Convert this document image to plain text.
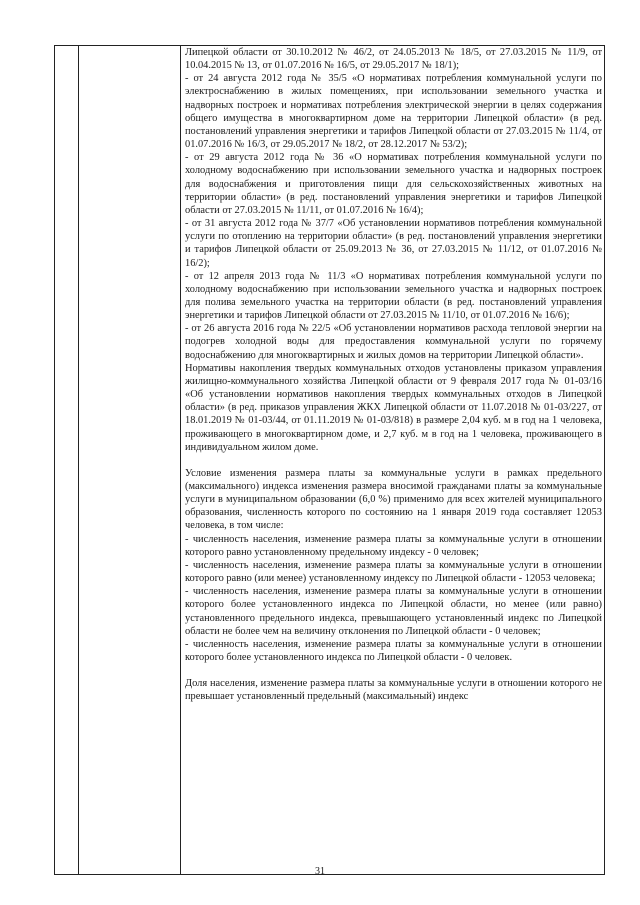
Липецкой области от 30.10.2012 № 46/2, от 24.05.2013 № 18/5, от 27.03.2015 № 11/9, от 10.04.2015 № 13, от 01.07.2016 № 16/5, от 29.05.2017 № 18/1);

- от 24 августа 2012 года № 35/5 «О нормативах потребления коммунальной услуги по электроснабжению в жилых помещениях, при использовании земельного участка и надворных построек и нормативах потребления электрической энергии в целях содержания общего имущества в многоквартирном доме на территории Липецкой области» (в ред. постановлений управления энергетики и тарифов Липецкой области от 27.03.2015 № 11/4, от 01.07.2016 № 16/3, от 29.05.2017 № 18/2, от 28.12.2017 № 53/2);

- от 29 августа 2012 года № 36 «О нормативах потребления коммунальной услуги по холодному водоснабжению при использовании земельного участка и надворных построек для водоснабжения и приготовления пищи для сельскохозяйственных животных на территории области» (в ред. постановлений управления энергетики и тарифов Липецкой области от 27.03.2015 № 11/11, от 01.07.2016 № 16/4);

- от 31 августа 2012 года № 37/7 «Об установлении нормативов потребления коммунальной услуги по отоплению на территории области» (в ред. постановлений управления энергетики и тарифов Липецкой области от 25.09.2013 № 36, от 27.03.2015 № 11/12, от 01.07.2016 № 16/2);

- от 12 апреля 2013 года № 11/3 «О нормативах потребления коммунальной услуги по холодному водоснабжению при использовании земельного участка и надворных построек для полива земельного участка на территории области (в ред. постановлений управления энергетики и тарифов Липецкой области от 27.03.2015 № 11/10, от 01.07.2016 № 16/6);

- от 26 августа 2016 года № 22/5 «Об установлении нормативов расхода тепловой энергии на подогрев холодной воды для предоставления коммунальной услуги по горячему водоснабжению для многоквартирных и жилых домов на территории Липецкой области».

Нормативы накопления твердых коммунальных отходов установлены приказом управления жилищно-коммунального хозяйства Липецкой области от 9 февраля 2017 года № 01-03/16 «Об установлении нормативов накопления твердых коммунальных отходов в Липецкой области» (в ред. приказов управления ЖКХ Липецкой области от 11.07.2018 № 01-03/227, от 18.01.2019 № 01-03/44, от 01.11.2019 № 01-03/818) в размере 2,04 куб. м в год на 1 человека, проживающего в многоквартирном доме, и 2,7 куб. м в год на 1 человека, проживающего в индивидуальном жилом доме.

Условие изменения размера платы за коммунальные услуги в рамках предельного (максимального) индекса изменения размера вносимой гражданами платы за коммунальные услуги в муниципальном образовании (6,0 %) применимо для всех жителей муниципального образования, численность которого по состоянию на 1 января 2019 года составляет 12053 человека, в том числе:

- численность населения, изменение размера платы за коммунальные услуги в отношении которого равно установленному предельному индексу - 0 человек;

- численность населения, изменение размера платы за коммунальные услуги в отношении которого равно (или менее) установленному индексу по Липецкой области - 12053 человека;

- численность населения, изменение размера платы за коммунальные услуги в отношении которого более установленного индекса по Липецкой области, но менее (или равно) установленного предельного индекса, превышающего установленный индекс по Липецкой области не более чем на величину отклонения по Липецкой области - 0 человек;

- численность населения, изменение размера платы за коммунальные услуги в отношении которого более установленного индекса по Липецкой области - 0 человек.

Доля населения, изменение размера платы за коммунальные услуги в отношении которого не превышает установленный предельный (максимальный) индекс

31
